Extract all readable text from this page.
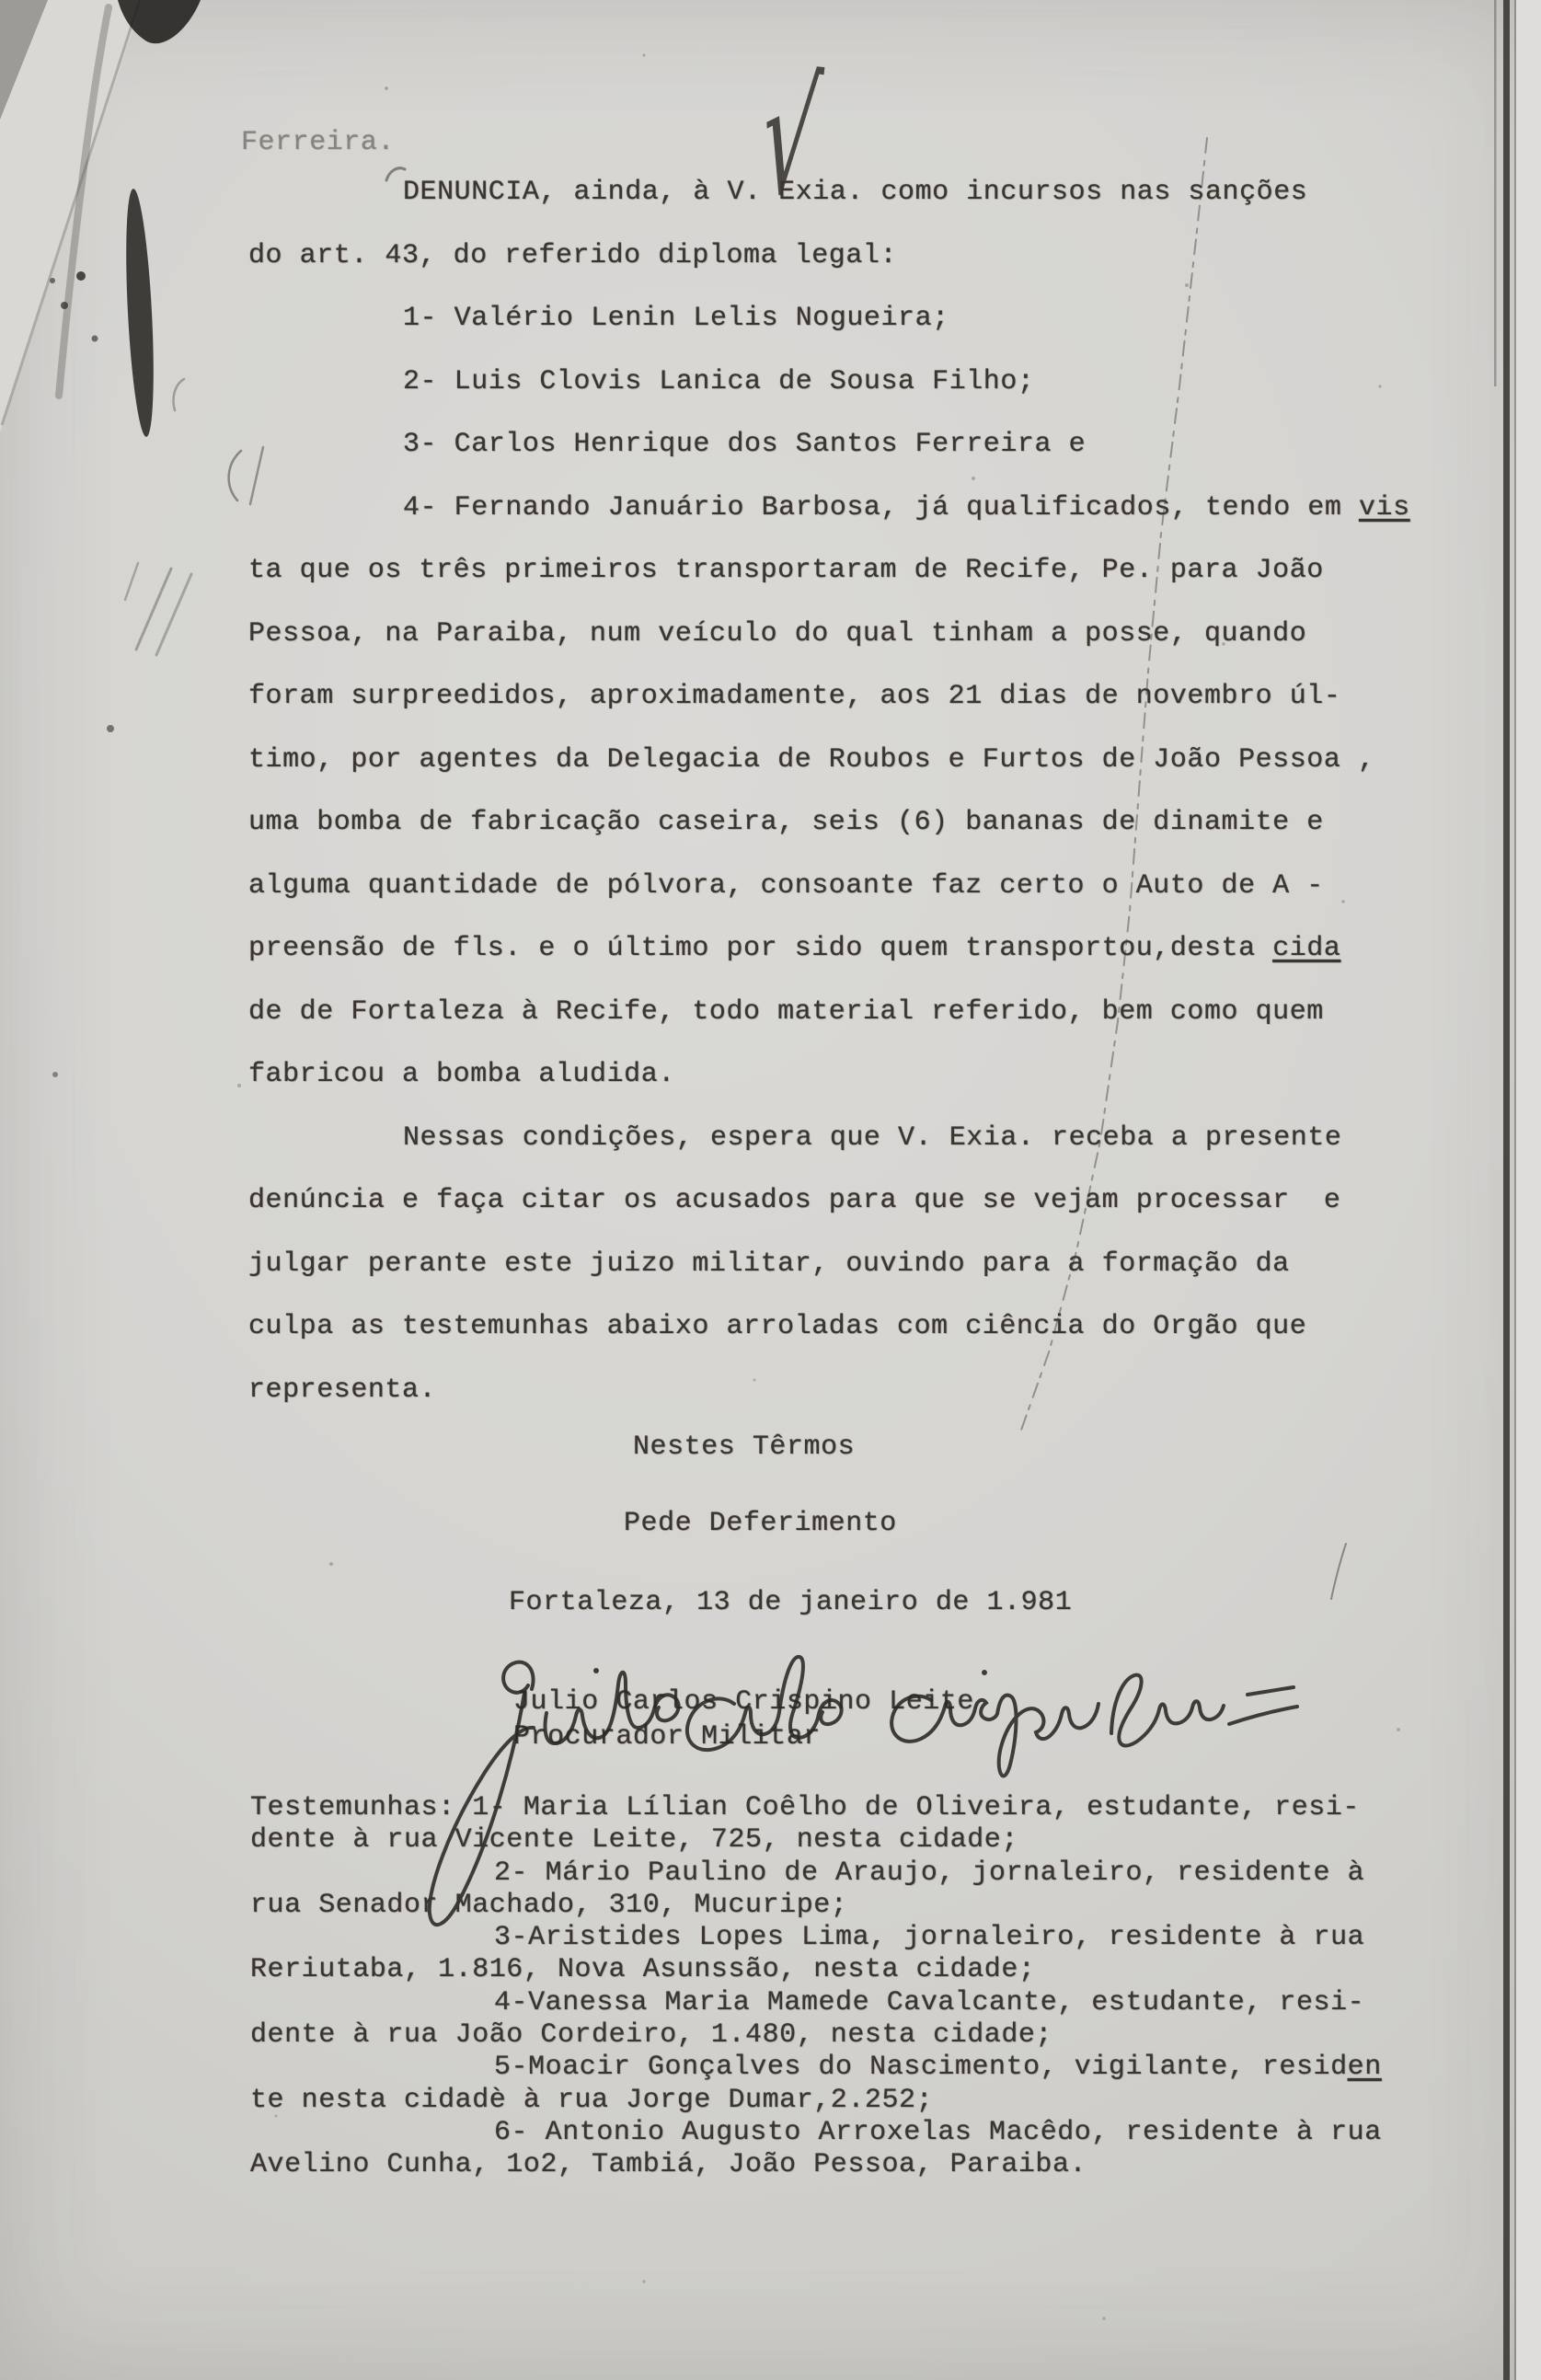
Ferreira.	√
DENUNCIA, ainda, à V. Exia. como incursos nas sanções
do art. 43, do referido diploma legal:
1- Valério Lenin Lelis Nogueira;
2- Luis Clovis Lanica de Sousa Filho;
3- Carlos Henrique dos Santos Ferreira e
4- Fernando Januário Barbosa, já qualificados, tendo em vis
ta que os três primeiros transportaram de Recife, Pe. para João
Pessoa, na Paraiba, num veículo do qual tinham a posse, quando
foram surpreedidos, aproximadamente, aos 21 dias de novembro úl-
timo, por agentes da Delegacia de Roubos e Furtos de João Pessoa ,
uma bomba de fabricação caseira, seis (6) bananas de dinamite e
alguma quantidade de pólvora, consoante faz certo o Auto de A -
preensão de fls. e o último por sido quem transportou,desta cida
de de Fortaleza à Recife, todo material referido, bem como quem
fabricou a bomba aludida.
Nessas condições, espera que V. Exia. receba a presente
denúncia e faça citar os acusados para que se vejam processar  e
julgar perante este juizo militar, ouvindo para a formação da
culpa as testemunhas abaixo arroladas com ciência do Orgão que
representa.
Nestes Têrmos
Pede Deferimento
Fortaleza, 13 de janeiro de 1.981
Julio Carlos Crispino Leite
Procurador Militar
Testemunhas: 1- Maria Lílian Coêlho de Oliveira, estudante, resi-
dente à rua Vicente Leite, 725, nesta cidade;
2- Mário Paulino de Araujo, jornaleiro, residente à
rua Senador Machado, 310, Mucuripe;
3-Aristides Lopes Lima, jornaleiro, residente à rua
Reriutaba, 1.816, Nova Asunssão, nesta cidade;
4-Vanessa Maria Mamede Cavalcante, estudante, resi-
dente à rua João Cordeiro, 1.480, nesta cidade;
5-Moacir Gonçalves do Nascimento, vigilante, residen
te nesta cidadè à rua Jorge Dumar,2.252;
6- Antonio Augusto Arroxelas Macêdo, residente à rua
Avelino Cunha, 1o2, Tambiá, João Pessoa, Paraiba.
